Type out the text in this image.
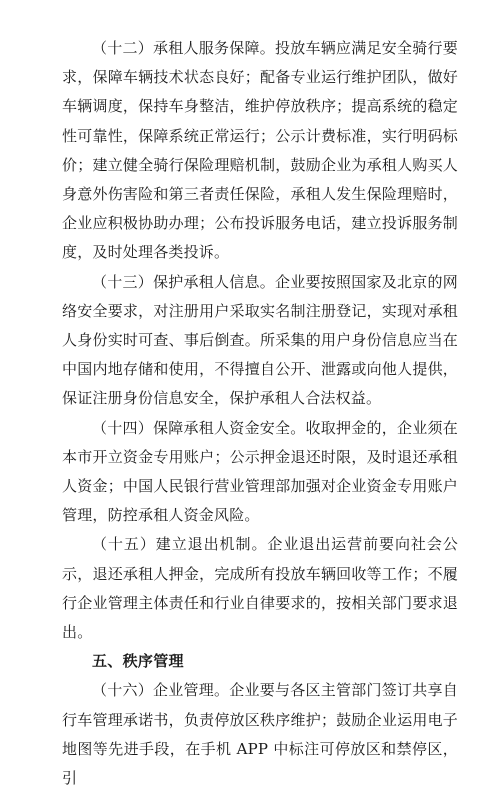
（十二）承租人服务保障。投放车辆应满足安全骑行要求，保障车辆技术状态良好；配备专业运行维护团队，做好车辆调度，保持车身整洁，维护停放秩序；提高系统的稳定性可靠性，保障系统正常运行；公示计费标准，实行明码标价；建立健全骑行保险理赔机制，鼓励企业为承租人购买人身意外伤害险和第三者责任保险，承租人发生保险理赔时，企业应积极协助办理；公布投诉服务电话，建立投诉服务制度，及时处理各类投诉。

（十三）保护承租人信息。企业要按照国家及北京的网络安全要求，对注册用户采取实名制注册登记，实现对承租人身份实时可查、事后倒查。所采集的用户身份信息应当在中国内地存储和使用，不得擅自公开、泄露或向他人提供，保证注册身份信息安全，保护承租人合法权益。

（十四）保障承租人资金安全。收取押金的，企业须在本市开立资金专用账户；公示押金退还时限，及时退还承租人资金；中国人民银行营业管理部加强对企业资金专用账户管理，防控承租人资金风险。

（十五）建立退出机制。企业退出运营前要向社会公示，退还承租人押金，完成所有投放车辆回收等工作；不履行企业管理主体责任和行业自律要求的，按相关部门要求退出。

五、秩序管理

（十六）企业管理。企业要与各区主管部门签订共享自行车管理承诺书，负责停放区秩序维护；鼓励企业运用电子地图等先进手段，在手机 APP 中标注可停放区和禁停区，引
